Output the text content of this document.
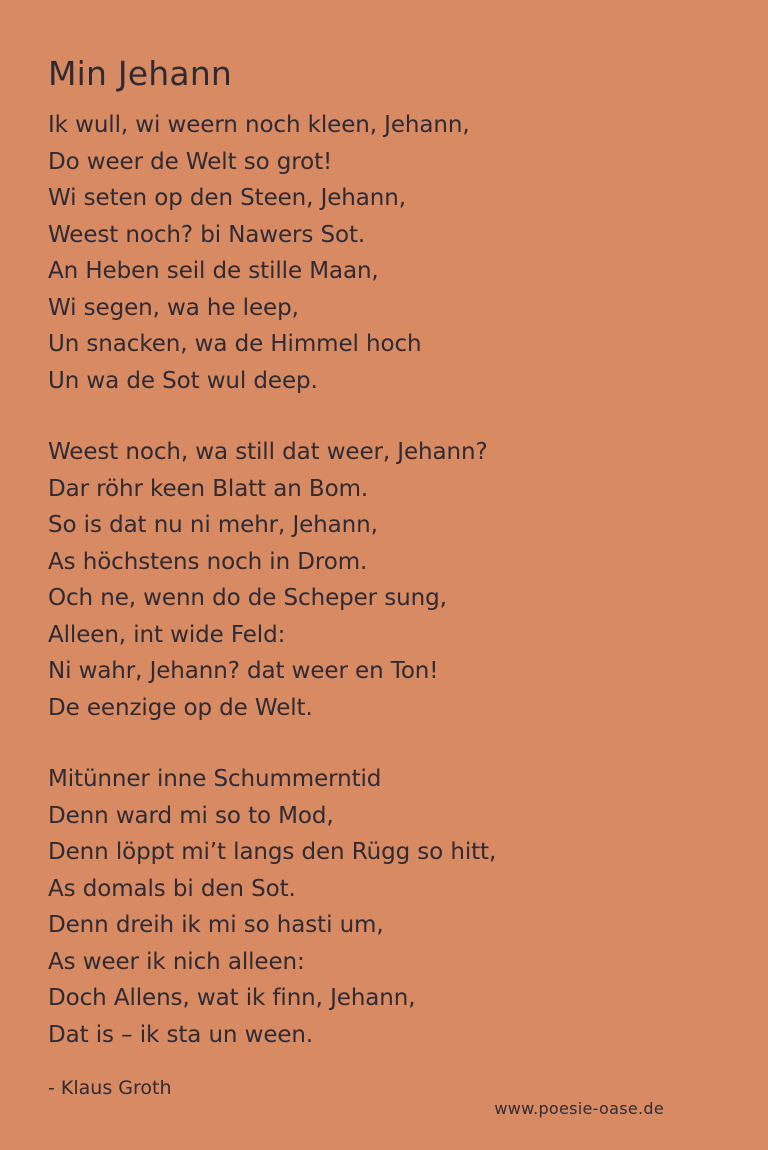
Min Jehann
Ik wull, wi weern noch kleen, Jehann,
Do weer de Welt so grot!
Wi seten op den Steen, Jehann,
Weest noch? bi Nawers Sot.
An Heben seil de stille Maan,
Wi segen, wa he leep,
Un snacken, wa de Himmel hoch
Un wa de Sot wul deep.
Weest noch, wa still dat weer, Jehann?
Dar röhr keen Blatt an Bom.
So is dat nu ni mehr, Jehann,
As höchstens noch in Drom.
Och ne, wenn do de Scheper sung,
Alleen, int wide Feld:
Ni wahr, Jehann? dat weer en Ton!
De eenzige op de Welt.
Mitünner inne Schummerntid
Denn ward mi so to Mod,
Denn löppt mi’t langs den Rügg so hitt,
As domals bi den Sot.
Denn dreih ik mi so hasti um,
As weer ik nich alleen:
Doch Allens, wat ik finn, Jehann,
Dat is – ik sta un ween.
- Klaus Groth
www.poesie-oase.de
